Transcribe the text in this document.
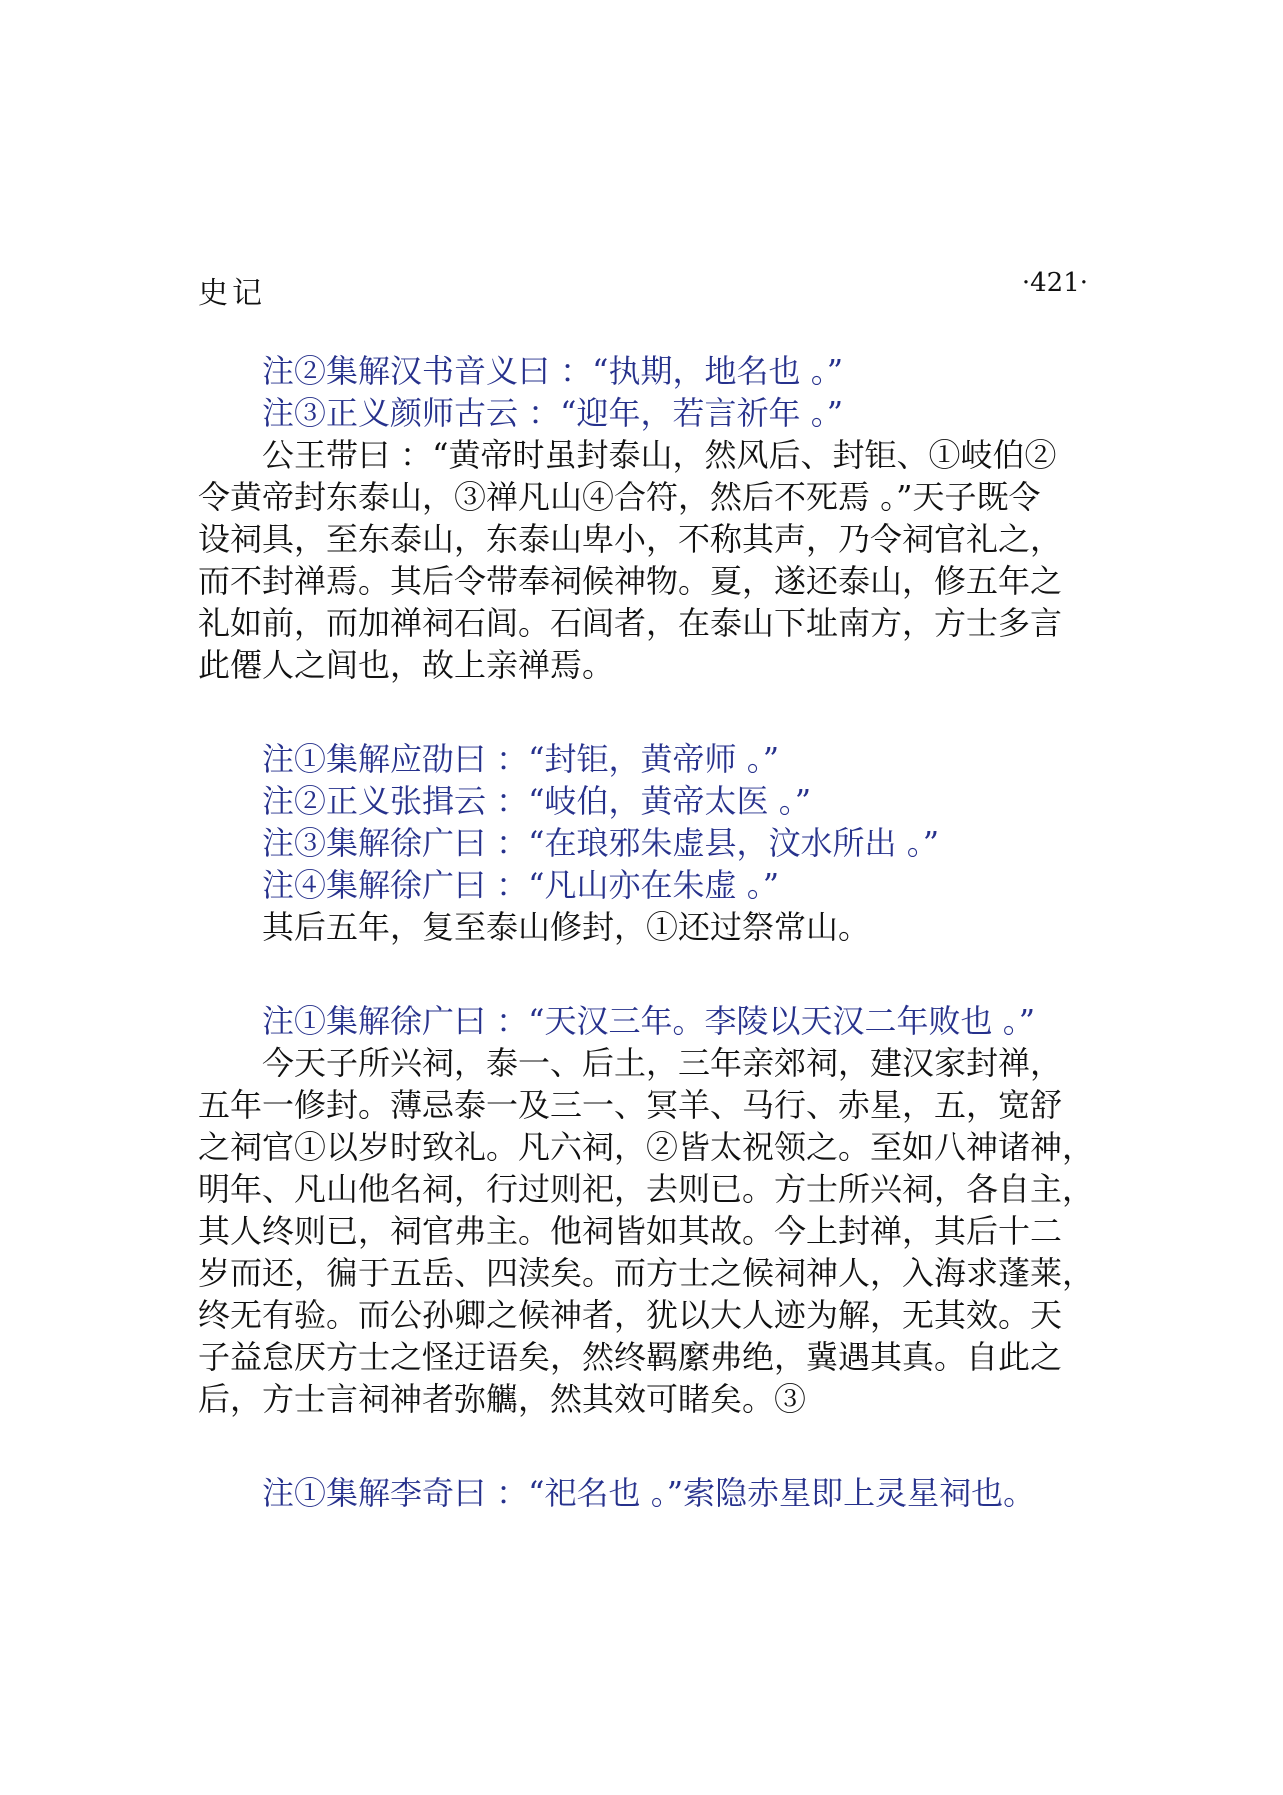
史记	·421·
注②集解汉书音义曰 ：“执期，地名也 。”
注③正义颜师古云 ：“迎年，若言祈年 。”
公王带曰 ：“黄帝时虽封泰山，然风后、封钜、①岐伯②
令黄帝封东泰山，③禅凡山④合符，然后不死焉 。”天子既令
设祠具，至东泰山，东泰山卑小，不称其声，乃令祠官礼之，
而不封禅焉。其后令带奉祠候神物。夏，遂还泰山，修五年之
礼如前，而加禅祠石闾。石闾者，在泰山下址南方，方士多言
此僊人之闾也，故上亲禅焉。
注①集解应劭曰 ：“封钜，黄帝师 。”
注②正义张揖云 ：“岐伯，黄帝太医 。”
注③集解徐广曰 ：“在琅邪朱虚县，汶水所出 。”
注④集解徐广曰 ：“凡山亦在朱虚 。”
其后五年，复至泰山修封，①还过祭常山。
注①集解徐广曰 ：“天汉三年。李陵以天汉二年败也 。”
今天子所兴祠，泰一、后土，三年亲郊祠，建汉家封禅，
五年一修封。薄忌泰一及三一、冥羊、马行、赤星，五，宽舒
之祠官①以岁时致礼。凡六祠，②皆太祝领之。至如八神诸神，
明年、凡山他名祠，行过则祀，去则已。方士所兴祠，各自主，
其人终则已，祠官弗主。他祠皆如其故。今上封禅，其后十二
岁而还，徧于五岳、四渎矣。而方士之候祠神人，入海求蓬莱，
终无有验。而公孙卿之候神者，犹以大人迹为解，无其效。天
子益怠厌方士之怪迂语矣，然终羁縻弗绝，冀遇其真。自此之
后，方士言祠神者弥觽，然其效可睹矣。③
注①集解李奇曰 ：“祀名也 。”索隐赤星即上灵星祠也。
